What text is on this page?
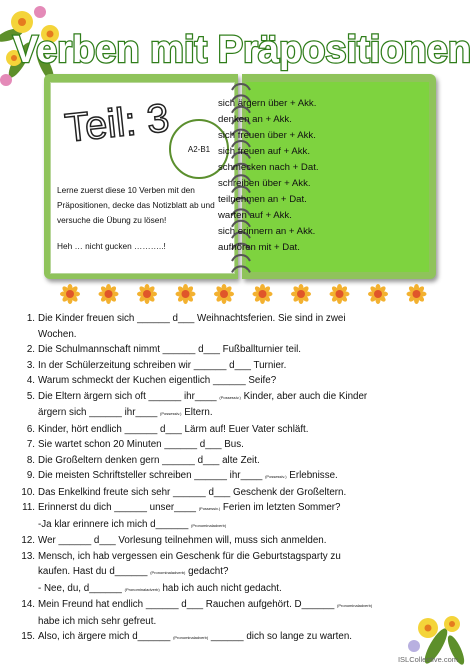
Verben mit Präpositionen
Teil: 3 A2-B1
Lerne zuerst diese 10 Verben mit den Präpositionen, decke das Notizblatt ab und versuche die Übung zu lösen!
Heh … nicht gucken ………..!
sich ärgern über + Akk.
denken an + Akk.
sich freuen über + Akk.
sich freuen auf + Akk.
schmecken nach + Dat.
schreiben über + Akk.
teilnehmen an + Dat.
warten auf + Akk.
sich erinnern an + Akk.
aufhören mit + Dat.
1. Die Kinder freuen sich ______ d___ Weihnachtsferien. Sie sind in zwei
Wochen.
2. Die Schulmannschaft nimmt ______ d___ Fußballturnier teil.
3. In der Schülerzeitung schreiben wir ______ d___ Turnier.
4. Warum schmeckt der Kuchen eigentlich ______ Seife?
5. Die Eltern ärgern sich oft ______ ihr____ (Possessiv.) Kinder, aber auch die Kinder
ärgern sich ______ ihr____ (Possessiv.) Eltern.
6. Kinder, hört endlich ______ d___ Lärm auf! Euer Vater schläft.
7. Sie wartet schon 20 Minuten ______ d___ Bus.
8. Die Großeltern denken gern ______ d___ alte Zeit.
9. Die meisten Schriftsteller schreiben ______ ihr____ (Possessiv.) Erlebnisse.
10. Das Enkelkind freute sich sehr ______ d___ Geschenk der Großeltern.
11. Erinnerst du dich ______ unser____ (Possessiv.) Ferien im letzten Sommer?
-Ja klar erinnere ich mich d______ (Pronominaladverb)
12. Wer ______ d___ Vorlesung teilnehmen will, muss sich anmelden.
13. Mensch, ich hab vergessen ein Geschenk für die Geburtstagsparty zu
kaufen. Hast du d______ (Pronominaladverb) gedacht?
- Nee, du, d______ (Pronominaladverb) hab ich auch nicht gedacht.
14. Mein Freund hat endlich ______ d___ Rauchen aufgehört. D______ (Pronominaladverb)
habe ich mich sehr gefreut.
15. Also, ich ärgere mich d______ (Pronominaladverb) ______ dich so lange zu warten.
ISLCollective.com
